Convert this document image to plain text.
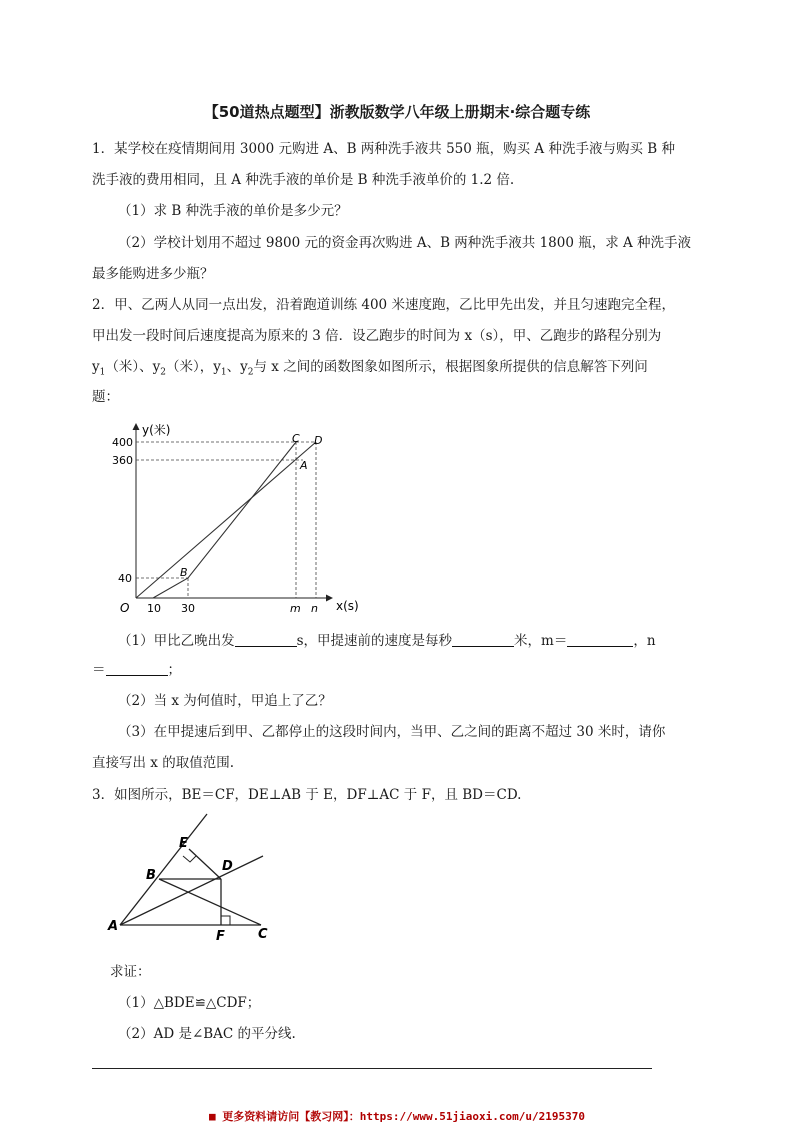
【50道热点题型】浙教版数学八年级上册期末·综合题专练
1．某学校在疫情期间用 3000 元购进 A、B 两种洗手液共 550 瓶，购买 A 种洗手液与购买 B 种
洗手液的费用相同，且 A 种洗手液的单价是 B 种洗手液单价的 1.2 倍.
（1）求 B 种洗手液的单价是多少元？
（2）学校计划用不超过 9800 元的资金再次购进 A、B 两种洗手液共 1800 瓶，求 A 种洗手液
最多能购进多少瓶？
2．甲、乙两人从同一点出发，沿着跑道训练 400 米速度跑，乙比甲先出发，并且匀速跑完全程，
甲出发一段时间后速度提高为原来的 3 倍．设乙跑步的时间为 x（s），甲、乙跑步的路程分别为
$y_1$（米）、$y_2$（米），$y_1$、$y_2$与 x 之间的函数图象如图所示，根据图象所提供的信息解答下列问
题：
y(米)
x(s)
O
400
360
40
10 30	m n
C D
A
B
（1）甲比乙晚出发	s，甲提速前的速度是每秒	米，m＝	，n
＝	；
（2）当 x 为何值时，甲追上了乙？
（3）在甲提速后到甲、乙都停止的这段时间内，当甲、乙之间的距离不超过 30 米时，请你
直接写出 x 的取值范围.
3．如图所示，BE＝CF，DE⊥AB 于 E，DF⊥AC 于 F，且 BD＝CD.
E
B
D
A
F	C
求证：
（1）△BDE≌△CDF；
（2）AD 是∠BAC 的平分线.
■ 更多资料请访问【教习网】：https://www.51jiaoxi.com/u/2195370
